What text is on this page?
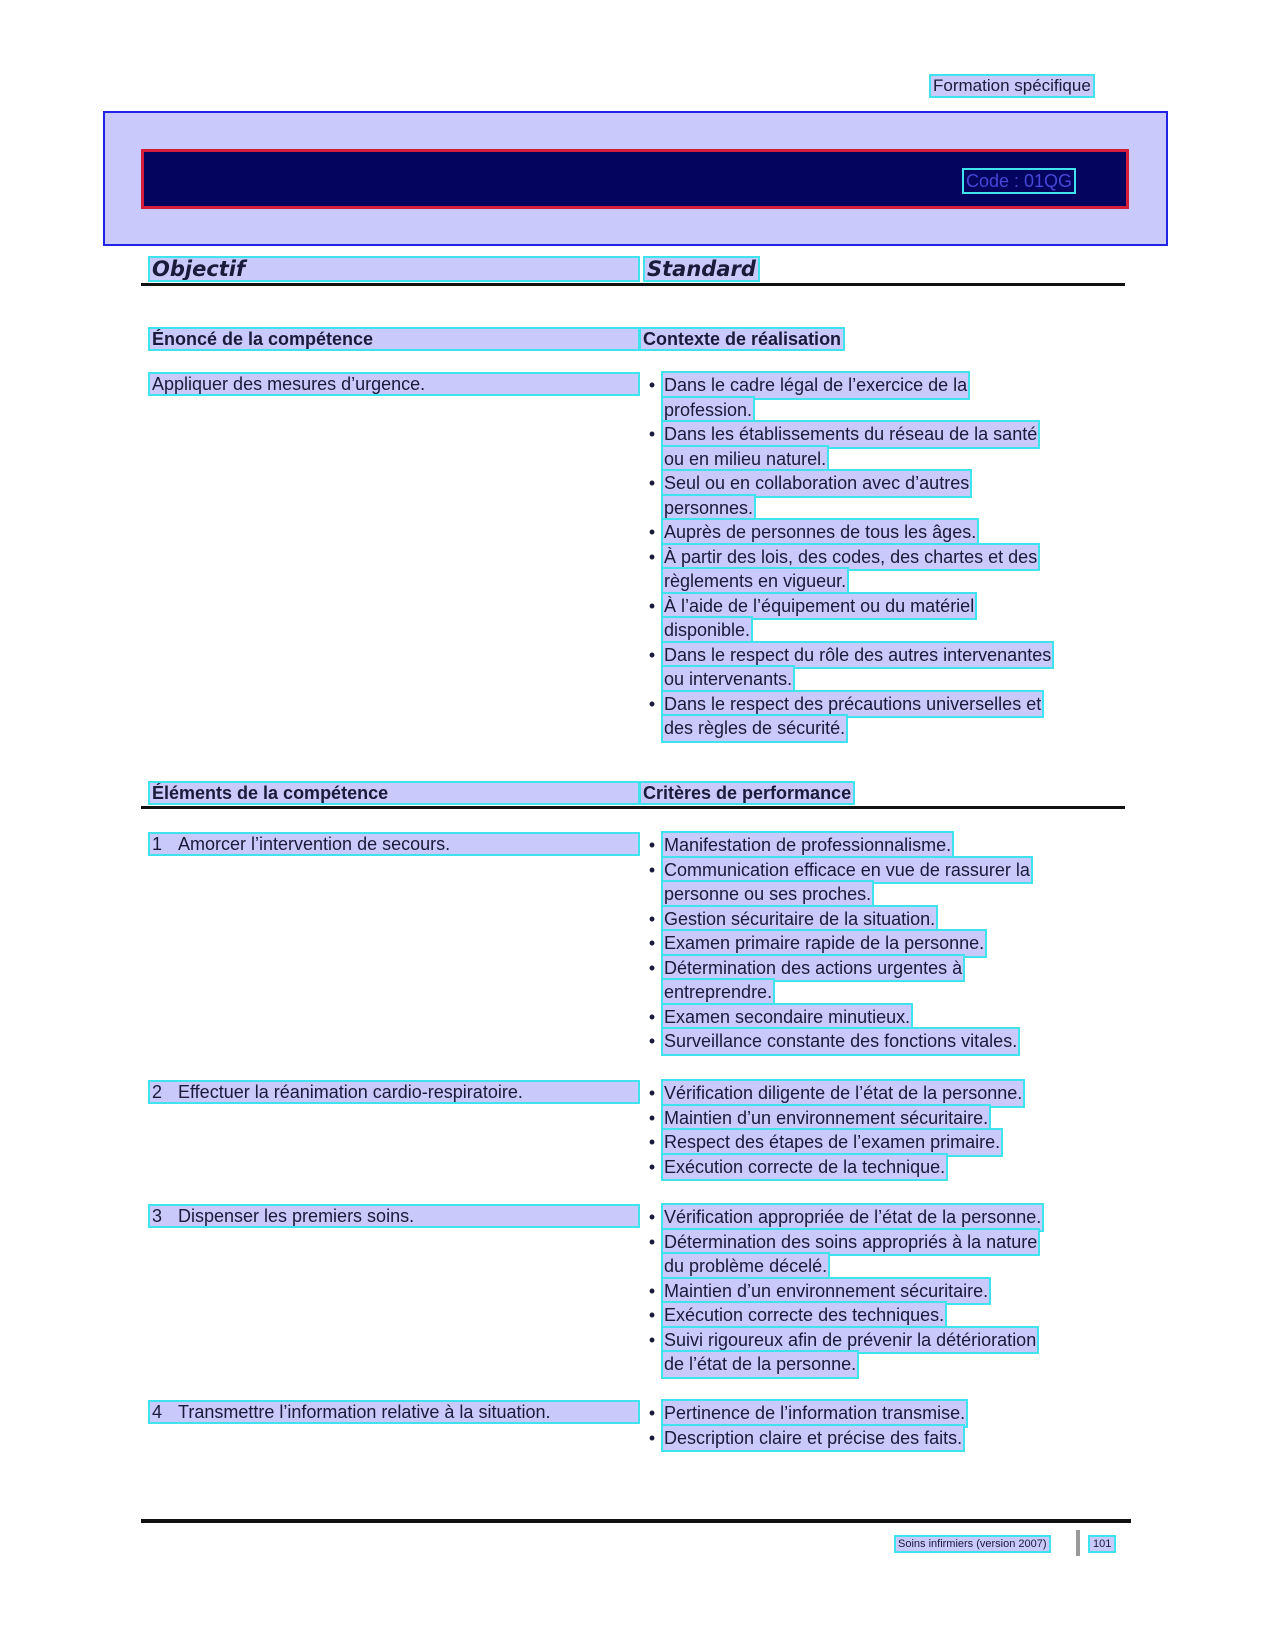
Formation spécifique
Code : 01QG
Objectif	Standard
Énoncé de la compétence	Contexte de réalisation
Appliquer des mesures d’urgence.	• Dans le cadre légal de l’exercice de la
profession.
• Dans les établissements du réseau de la santé
ou en milieu naturel.
• Seul ou en collaboration avec d’autres
personnes.
• Auprès de personnes de tous les âges.
• À partir des lois, des codes, des chartes et des
règlements en vigueur.
• À l’aide de l’équipement ou du matériel
disponible.
• Dans le respect du rôle des autres intervenantes
ou intervenants.
• Dans le respect des précautions universelles et
des règles de sécurité.
Éléments de la compétence	Critères de performance
1 Amorcer l’intervention de secours.	• Manifestation de professionnalisme.
• Communication efficace en vue de rassurer la
personne ou ses proches.
• Gestion sécuritaire de la situation.
• Examen primaire rapide de la personne.
• Détermination des actions urgentes à
entreprendre.
• Examen secondaire minutieux.
• Surveillance constante des fonctions vitales.
2 Effectuer la réanimation cardio-respiratoire.	• Vérification diligente de l’état de la personne.
• Maintien d’un environnement sécuritaire.
• Respect des étapes de l’examen primaire.
• Exécution correcte de la technique.
3 Dispenser les premiers soins.	• Vérification appropriée de l’état de la personne.
• Détermination des soins appropriés à la nature
du problème décelé.
• Maintien d’un environnement sécuritaire.
• Exécution correcte des techniques.
• Suivi rigoureux afin de prévenir la détérioration
de l’état de la personne.
4 Transmettre l’information relative à la situation.	• Pertinence de l’information transmise.
• Description claire et précise des faits.
Soins infirmiers (version 2007)	101
